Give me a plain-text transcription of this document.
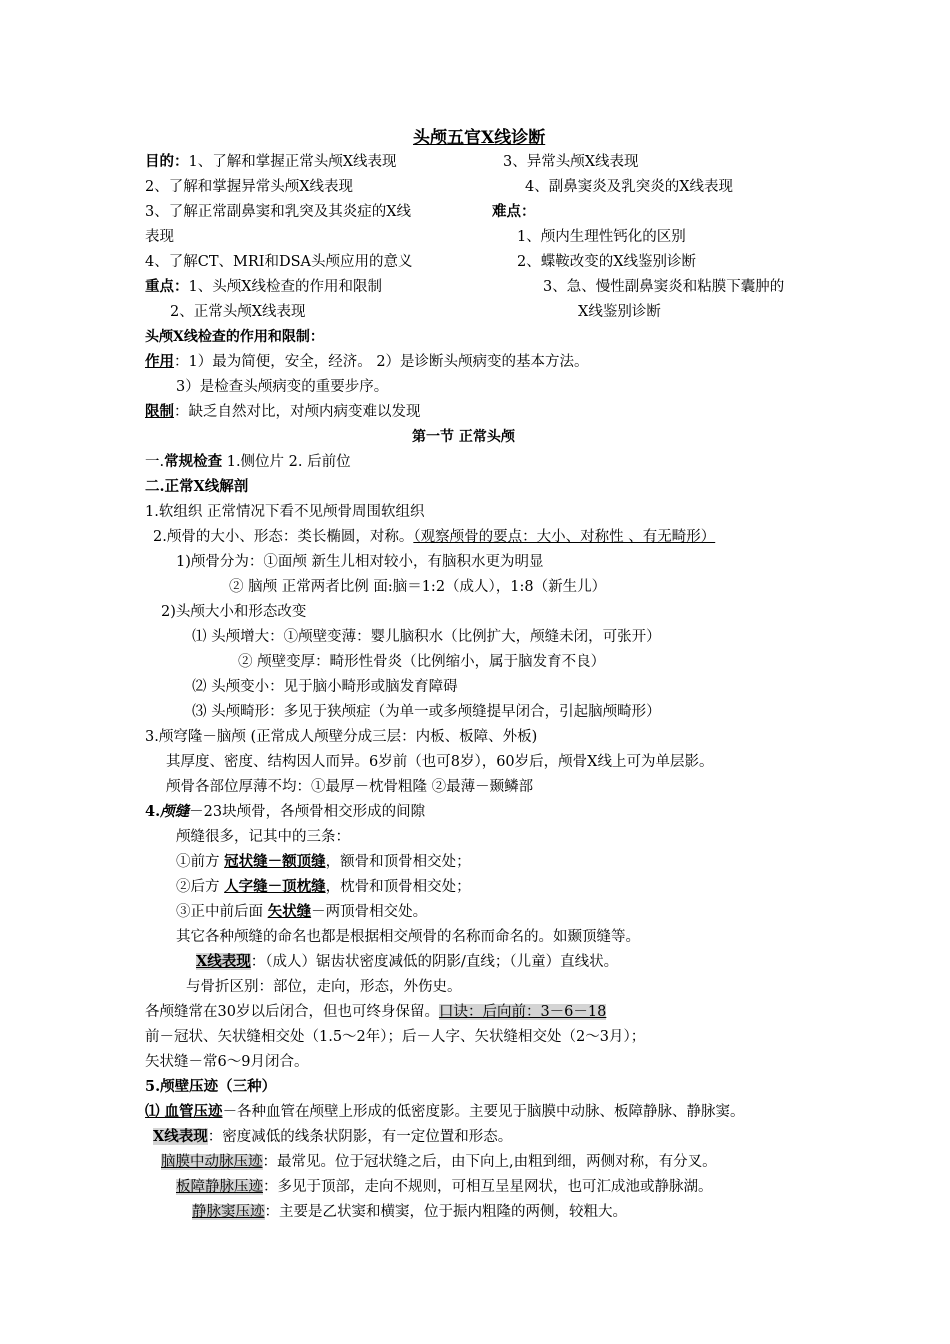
头颅五官X线诊断
目的：1、了解和掌握正常头颅X线表现	3、异常头颅X线表现
2、了解和掌握异常头颅X线表现	4、副鼻窦炎及乳突炎的X线表现
3、了解正常副鼻窦和乳突及其炎症的X线	难点：
表现	1、颅内生理性钙化的区别
4、了解CT、MRI和DSA头颅应用的意义	2、蝶鞍改变的X线鉴别诊断
重点：1、头颅X线检查的作用和限制	3、急、慢性副鼻窦炎和粘膜下囊肿的
2、正常头颅X线表现	X线鉴别诊断
头颅X线检查的作用和限制：
作用：1）最为简便，安全，经济。 2）是诊断头颅病变的基本方法。
3）是检查头颅病变的重要步序。
限制：缺乏自然对比，对颅内病变难以发现
第一节 正常头颅
一.常规检查 1.侧位片 2. 后前位
二.正常X线解剖
1.软组织 正常情况下看不见颅骨周围软组织
2.颅骨的大小、形态：类长椭圆，对称。（观察颅骨的要点：大小、对称性 、有无畸形）
1)颅骨分为：①面颅 新生儿相对较小，有脑积水更为明显
② 脑颅 正常两者比例 面:脑＝1:2（成人），1:8（新生儿）
2)头颅大小和形态改变
⑴ 头颅增大：①颅壁变薄：婴儿脑积水（比例扩大，颅缝未闭，可张开）
② 颅壁变厚：畸形性骨炎（比例缩小，属于脑发育不良）
⑵ 头颅变小：见于脑小畸形或脑发育障碍
⑶ 头颅畸形：多见于狭颅症（为单一或多颅缝提早闭合，引起脑颅畸形）
3.颅穹隆－脑颅 (正常成人颅壁分成三层：内板、板障、外板)
其厚度、密度、结构因人而异。6岁前（也可8岁），60岁后，颅骨X线上可为单层影。
颅骨各部位厚薄不均：①最厚－枕骨粗隆 ②最薄－颞鳞部
4.颅缝－23块颅骨，各颅骨相交形成的间隙
颅缝很多，记其中的三条：
①前方 冠状缝－额顶缝，额骨和顶骨相交处；
②后方 人字缝－顶枕缝，枕骨和顶骨相交处；
③正中前后面 矢状缝－两顶骨相交处。
其它各种颅缝的命名也都是根据相交颅骨的名称而命名的。如颞顶缝等。
X线表现：（成人）锯齿状密度减低的阴影/直线；（儿童）直线状。
与骨折区别：部位，走向，形态，外伤史。
各颅缝常在30岁以后闭合，但也可终身保留。口诀：后向前：3－6－18
前－冠状、矢状缝相交处（1.5～2年）；后－人字、矢状缝相交处（2～3月）；
矢状缝－常6～9月闭合。
5.颅壁压迹（三种）
⑴ 血管压迹－各种血管在颅壁上形成的低密度影。主要见于脑膜中动脉、板障静脉、静脉窦。
X线表现：密度减低的线条状阴影，有一定位置和形态。
脑膜中动脉压迹：最常见。位于冠状缝之后，由下向上,由粗到细，两侧对称，有分叉。
板障静脉压迹：多见于顶部，走向不规则，可相互呈星网状，也可汇成池或静脉湖。
静脉窦压迹：主要是乙状窦和横窦，位于振内粗隆的两侧，较粗大。
